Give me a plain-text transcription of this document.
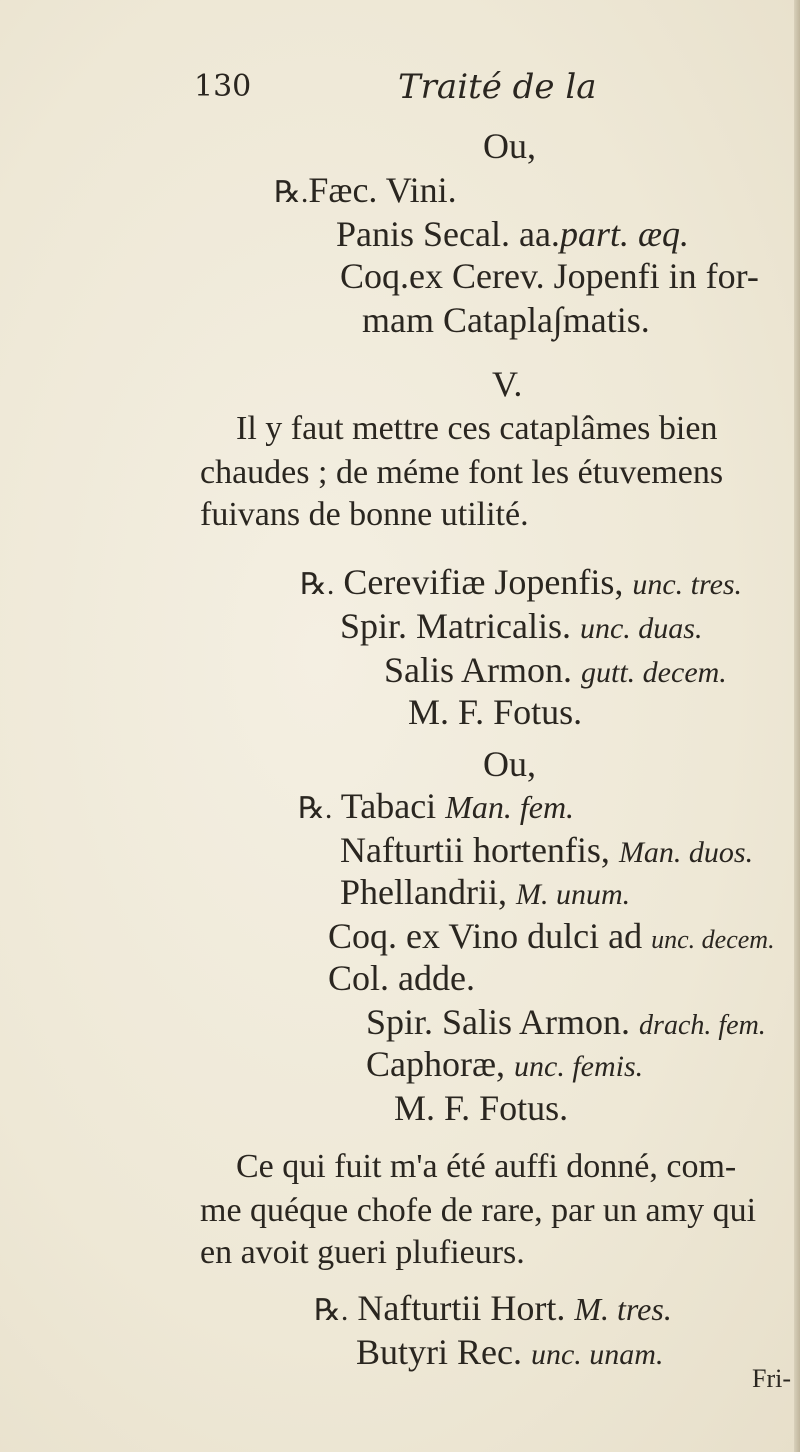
130	Traité de la
Ou,
℞.Fæc. Vini.
Panis Secal. aa.part. æq.
Coq.ex Cerev. Jopenfi in for-
mam Catapla∫matis.
V.
Il y faut mettre ces cataplâmes bien
chaudes ; de méme font les étuvemens
fuivans de bonne utilité.
℞. Cerevifiæ Jopenfis, unc. tres.
Spir. Matricalis. unc. duas.
Salis Armon. gutt. decem.
M. F. Fotus.
Ou,
℞. Tabaci Man. fem.
Nafturtii hortenfis, Man. duos.
Phellandrii, M. unum.
Coq. ex Vino dulci ad unc. decem.
Col. adde.
Spir. Salis Armon. drach. fem.
Caphoræ, unc. femis.
M. F. Fotus.
Ce qui fuit m'a été auffi donné, com-
me quéque chofe de rare, par un amy qui
en avoit gueri plufieurs.
℞. Nafturtii Hort. M. tres.
Butyri Rec. unc. unam.
Fri-
